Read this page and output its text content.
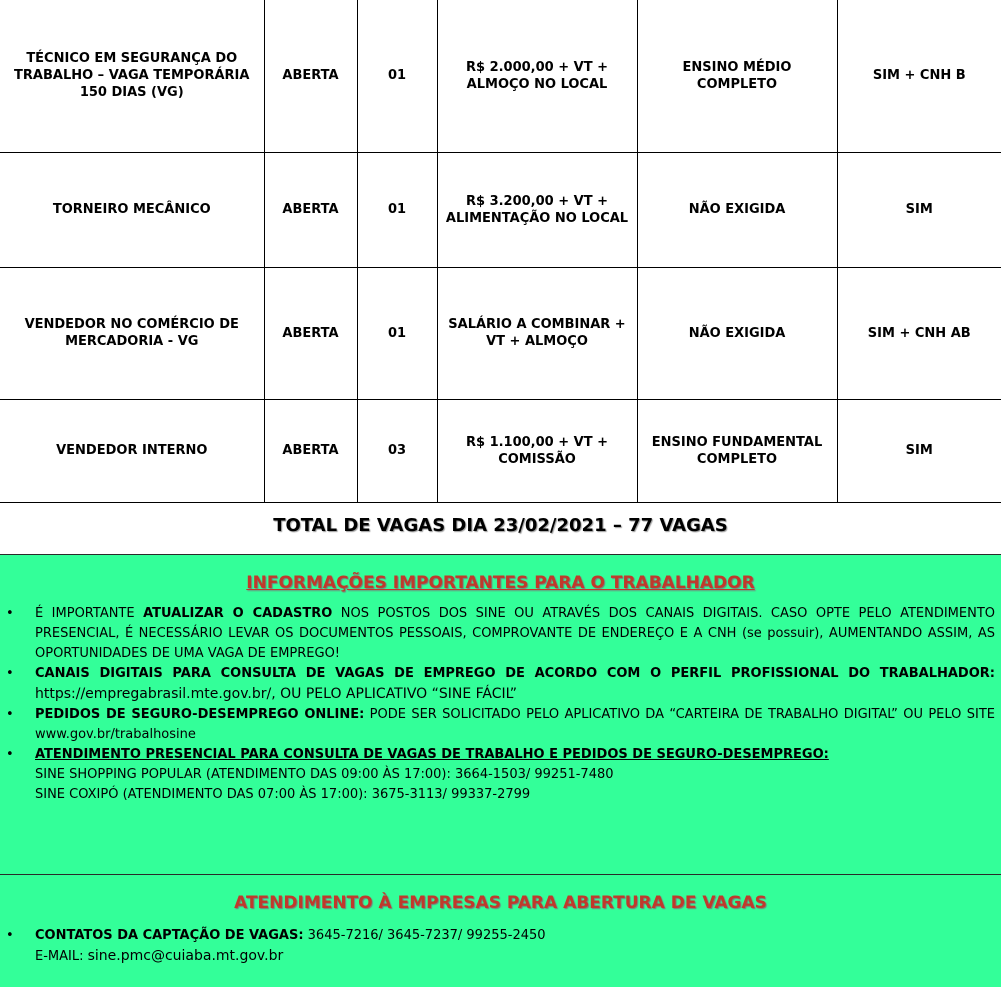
TÉCNICO EM SEGURANÇA DO TRABALHO – VAGA TEMPORÁRIA 150 DIAS (VG)	ABERTA	01	R$ 2.000,00 + VT + ALMOÇO NO LOCAL	ENSINO MÉDIO COMPLETO	SIM + CNH B
TORNEIRO MECÂNICO	ABERTA	01	R$ 3.200,00 + VT + ALIMENTAÇÃO NO LOCAL	NÃO EXIGIDA	SIM
VENDEDOR NO COMÉRCIO DE MERCADORIA - VG	ABERTA	01	SALÁRIO A COMBINAR + VT + ALMOÇO	NÃO EXIGIDA	SIM + CNH AB
VENDEDOR INTERNO	ABERTA	03	R$ 1.100,00 + VT + COMISSÃO	ENSINO FUNDAMENTAL COMPLETO	SIM
TOTAL DE VAGAS DIA 23/02/2021 – 77 VAGAS
INFORMAÇÕES IMPORTANTES PARA O TRABALHADOR
• É IMPORTANTE ATUALIZAR O CADASTRO NOS POSTOS DOS SINE OU ATRAVÉS DOS CANAIS DIGITAIS. CASO OPTE PELO ATENDIMENTO PRESENCIAL, É NECESSÁRIO LEVAR OS DOCUMENTOS PESSOAIS, COMPROVANTE DE ENDEREÇO E A CNH (se possuir), AUMENTANDO ASSIM, AS OPORTUNIDADES DE UMA VAGA DE EMPREGO!
• CANAIS DIGITAIS PARA CONSULTA DE VAGAS DE EMPREGO DE ACORDO COM O PERFIL PROFISSIONAL DO TRABALHADOR: https://empregabrasil.mte.gov.br/, OU PELO APLICATIVO “SINE FÁCIL”
• PEDIDOS DE SEGURO-DESEMPREGO ONLINE: PODE SER SOLICITADO PELO APLICATIVO DA “CARTEIRA DE TRABALHO DIGITAL” OU PELO SITE www.gov.br/trabalhosine
• ATENDIMENTO PRESENCIAL PARA CONSULTA DE VAGAS DE TRABALHO E PEDIDOS DE SEGURO-DESEMPREGO:
SINE SHOPPING POPULAR (ATENDIMENTO DAS 09:00 ÀS 17:00): 3664-1503/ 99251-7480
SINE COXIPÓ (ATENDIMENTO DAS 07:00 ÀS 17:00): 3675-3113/ 99337-2799
ATENDIMENTO À EMPRESAS PARA ABERTURA DE VAGAS
• CONTATOS DA CAPTAÇÃO DE VAGAS: 3645-7216/ 3645-7237/ 99255-2450
E-MAIL: sine.pmc@cuiaba.mt.gov.br
